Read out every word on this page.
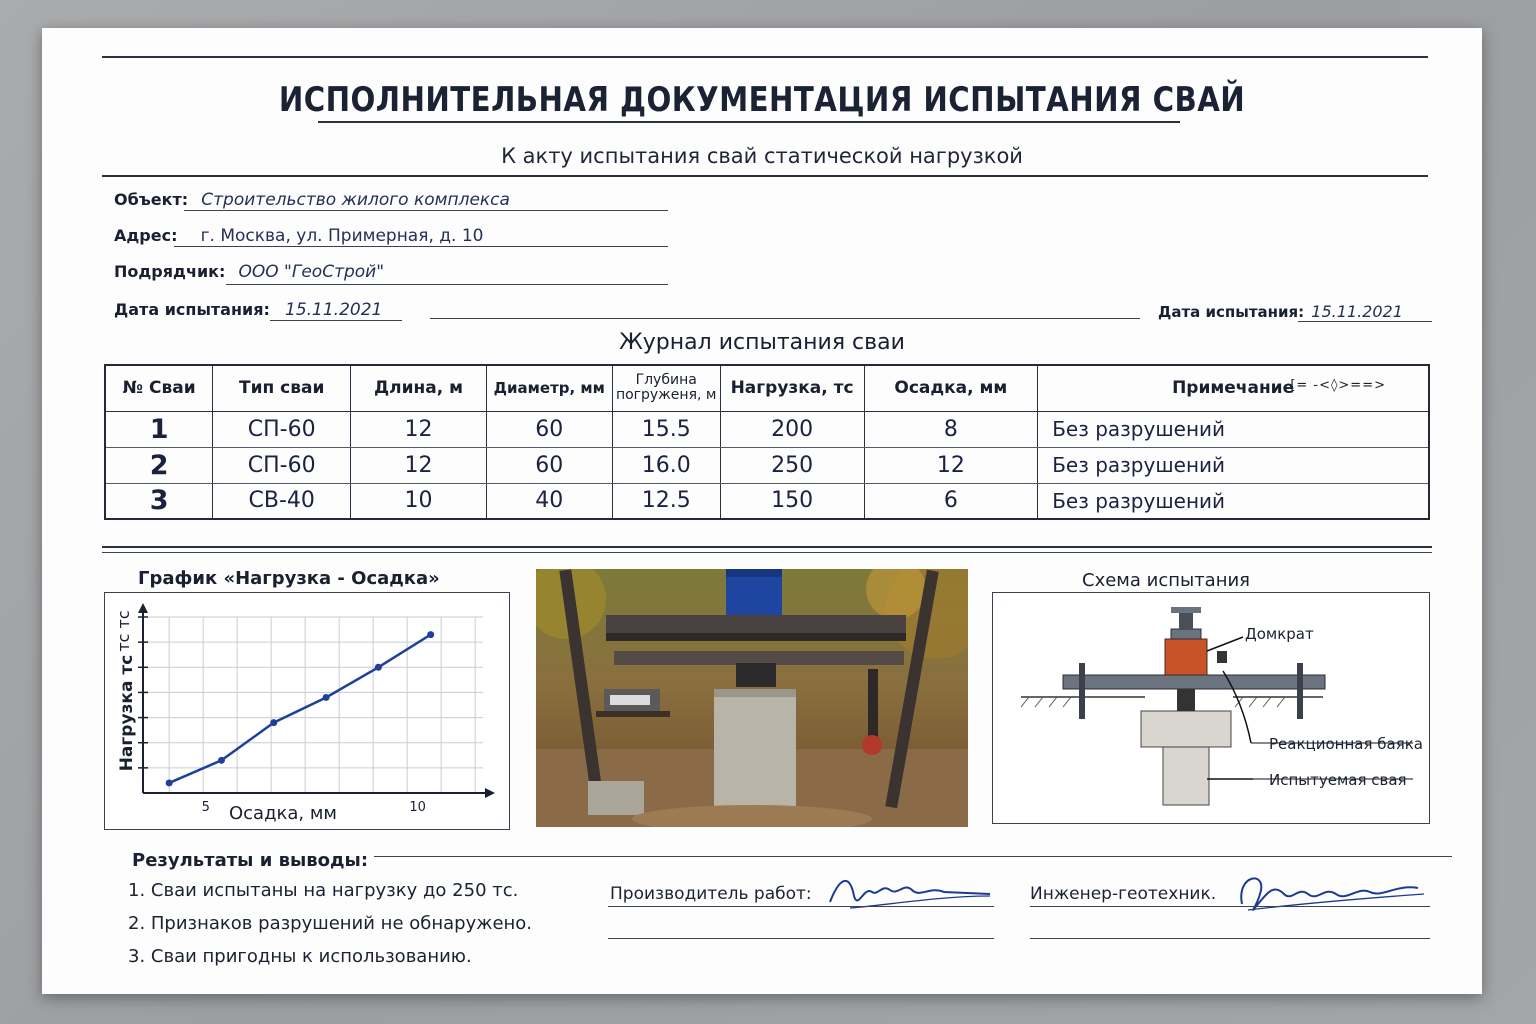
ИСПОЛНИТЕЛЬНАЯ ДОКУМЕНТАЦИЯ ИСПЫТАНИЯ СВАЙ
К акту испытания свай статической нагрузкой
Объект: Строительство жилого комплекса
Адрес: г. Москва, ул. Примерная, д. 10
Подрядчик: ООО "ГеоСтрой"
Дата испытания: 15.11.2021	Дата испытания: 15.11.2021
Журнал испытания сваи
№ Сваи	Тип сваи	Длина, м	Диаметр, мм	Глубина погруженя, м	Нагрузка, тс	Осадка, мм	Примечание
[= -<◊>==>

1	СП-60	12	60	15.5	200	8	Без разрушений
2	СП-60	12	60	16.0	250	12	Без разрушений
3	СВ-40	10	40	12.5	150	6	Без разрушений
График «Нагрузка - Осадка»
5	10
Осадка, мм
тс тс
Нагрузка тс
Схема испытания
Домкрат
Реакционная баяка
Испытуемая свая
Результаты и выводы:
1. Сваи испытаны на нагрузку до 250 тс.
2. Признаков разрушений не обнаружено.
3. Сваи пригодны к использованию.
Производитель работ:	Инженер-геотехник.
